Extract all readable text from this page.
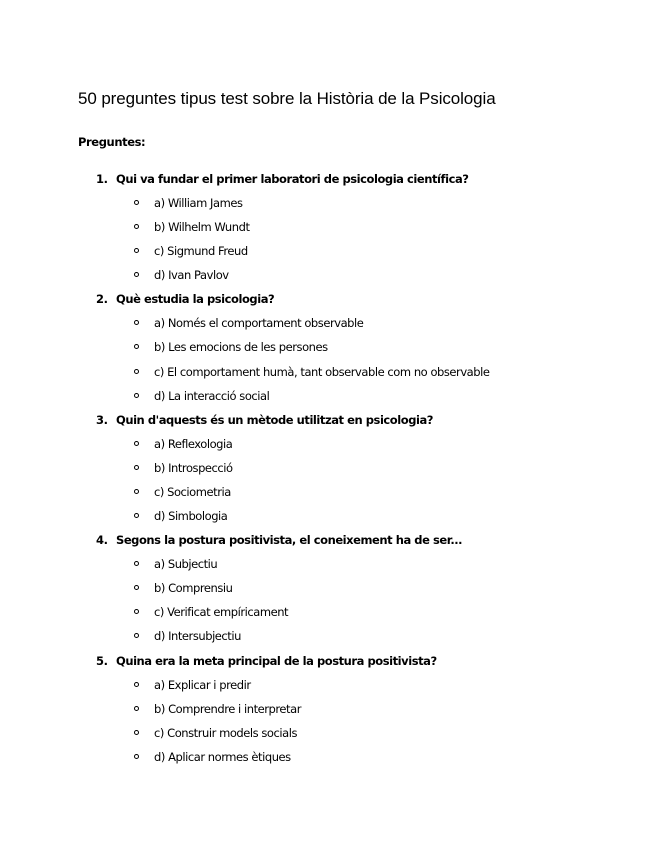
50 preguntes tipus test sobre la Història de la Psicologia
Preguntes:
1. Qui va fundar el primer laboratori de psicologia científica?
a) William James
b) Wilhelm Wundt
c) Sigmund Freud
d) Ivan Pavlov
2. Què estudia la psicologia?
a) Només el comportament observable
b) Les emocions de les persones
c) El comportament humà, tant observable com no observable
d) La interacció social
3. Quin d'aquests és un mètode utilitzat en psicologia?
a) Reflexologia
b) Introspecció
c) Sociometria
d) Simbologia
4. Segons la postura positivista, el coneixement ha de ser...
a) Subjectiu
b) Comprensiu
c) Verificat empíricament
d) Intersubjectiu
5. Quina era la meta principal de la postura positivista?
a) Explicar i predir
b) Comprendre i interpretar
c) Construir models socials
d) Aplicar normes ètiques
